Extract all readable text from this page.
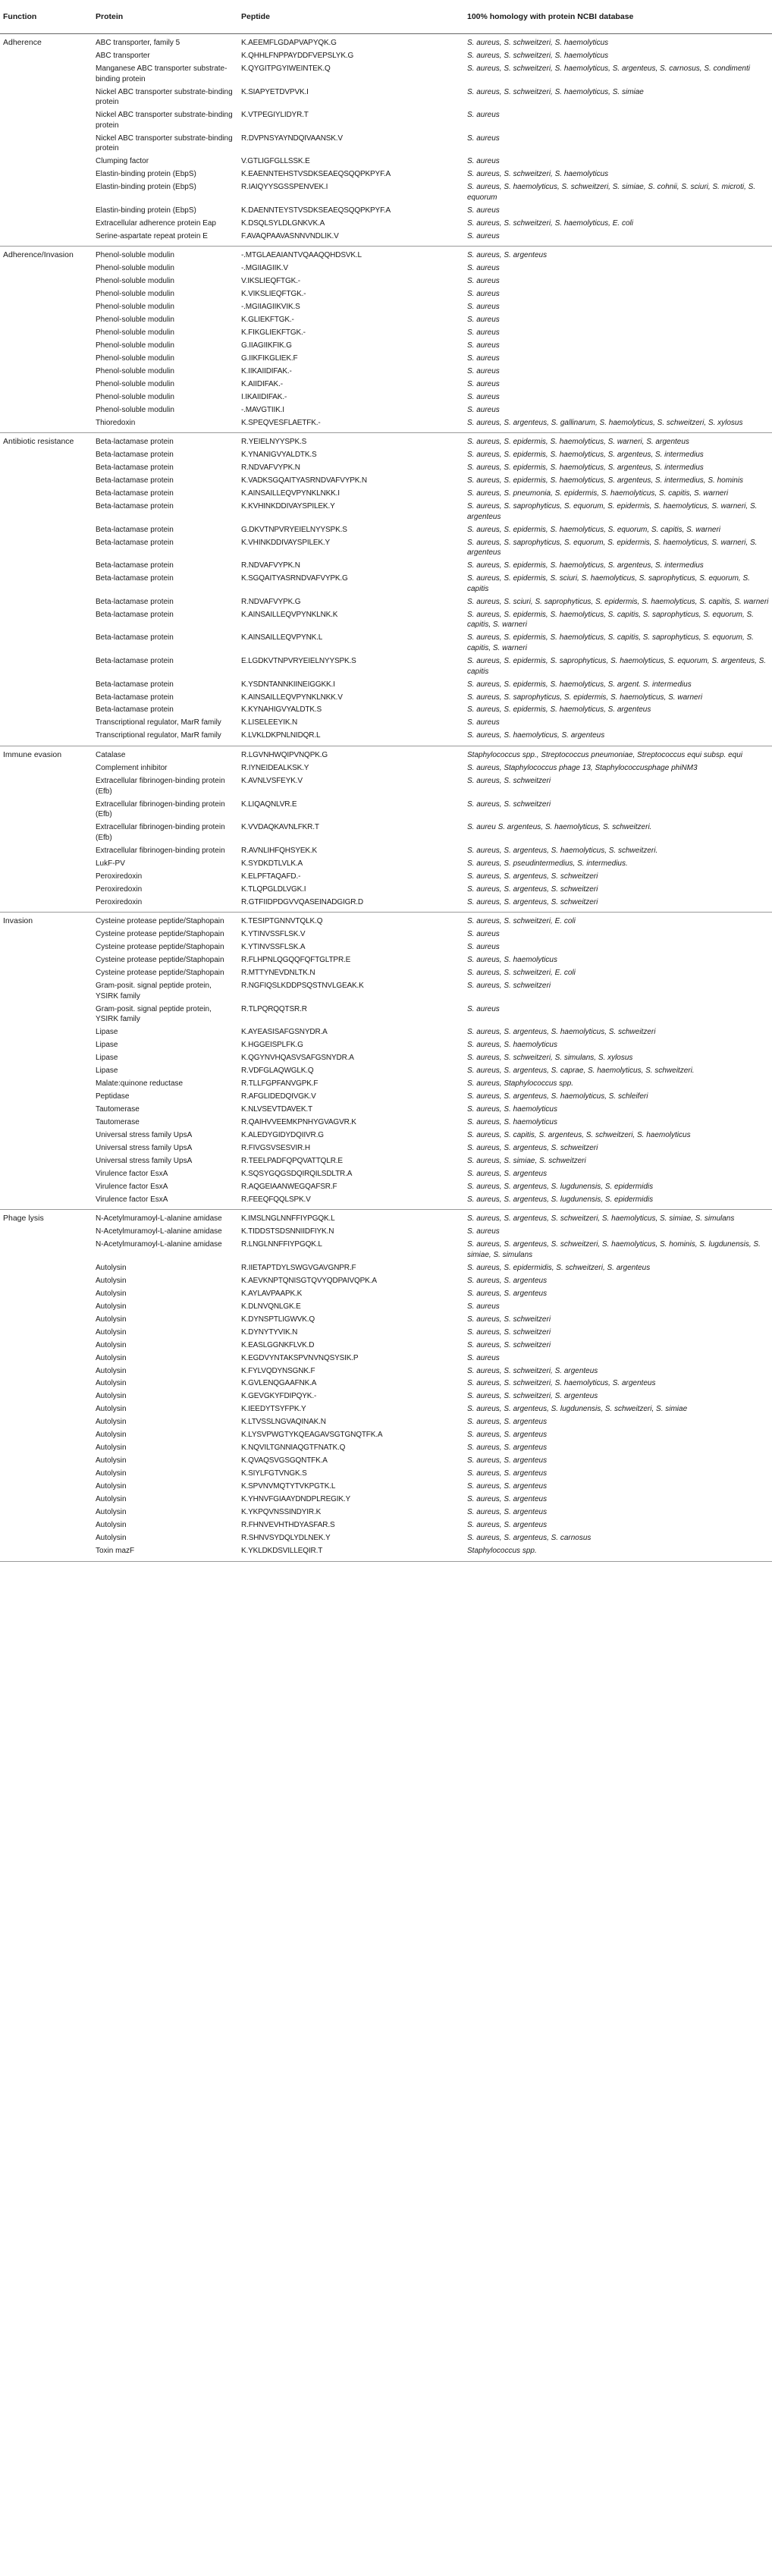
Function	Protein	Peptide	100% homology with protein NCBI database
Adherence	ABC transporter, family 5	K.AEEMFLGDAPVAPYQK.G	S. aureus, S. schweitzeri, S. haemolyticus
	ABC transporter	K.QHHLFNPPAYDDFVEPSLYK.G	S. aureus, S. schweitzeri, S. haemolyticus
	Manganese ABC transporter substrate-binding protein	K.QYGITPGYIWEINTEK.Q	S. aureus, S. schweitzeri, S. haemolyticus, S. argenteus, S. carnosus, S. condimenti
	Nickel ABC transporter substrate-binding protein	K.SIAPYETDVPVK.I	S. aureus, S. schweitzeri, S. haemolyticus, S. simiae
	Nickel ABC transporter substrate-binding protein	K.VTPEGIYLIDYR.T	S. aureus
	Nickel ABC transporter substrate-binding protein	R.DVPNSYAYNDQIVAANSK.V	S. aureus
	Clumping factor	V.GTLIGFGLLSSK.E	S. aureus
	Elastin-binding protein (EbpS)	K.EAENNTEHSTVSDKSEAEQSQQPKPYF.A	S. aureus, S. schweitzeri, S. haemolyticus
	Elastin-binding protein (EbpS)	R.IAIQYYSGSSPENVEK.I	S. aureus, S. haemolyticus, S. schweitzeri, S. simiae, S. cohnii, S. sciuri, S. microti, S. equorum
	Elastin-binding protein (EbpS)	K.DAENNTEYSTVSDKSEAEQSQQPKPYF.A	S. aureus
	Extracellular adherence protein Eap	K.DSQLSYLDLGNKVK.A	S. aureus, S. schweitzeri, S. haemolyticus, E. coli
	Serine-aspartate repeat protein E	F.AVAQPAAVASNNVNDLIK.V	S. aureus
Adherence/Invasion	Phenol-soluble modulin	-.MTGLAEAIANTVQAAQQHDSVK.L	S. aureus, S. argenteus
	Phenol-soluble modulin	-.MGIIAGIIK.V	S. aureus
	Phenol-soluble modulin	V.IKSLIEQFTGK.-	S. aureus
	Phenol-soluble modulin	K.VIKSLIEQFTGK.-	S. aureus
	Phenol-soluble modulin	-.MGIIAGIIKVIK.S	S. aureus
	Phenol-soluble modulin	K.GLIEKFTGK.-	S. aureus
	Phenol-soluble modulin	K.FIKGLIEKFTGK.-	S. aureus
	Phenol-soluble modulin	G.IIAGIIKFIK.G	S. aureus
	Phenol-soluble modulin	G.IIKFIKGLIEK.F	S. aureus
	Phenol-soluble modulin	K.IIKAIIDIFAK.-	S. aureus
	Phenol-soluble modulin	K.AIIDIFAK.-	S. aureus
	Phenol-soluble modulin	I.IKAIIDIFAK.-	S. aureus
	Phenol-soluble modulin	-.MAVGTIIK.I	S. aureus
	Thioredoxin	K.SPEQVESFLAETFK.-	S. aureus, S. argenteus, S. gallinarum, S. haemolyticus, S. schweitzeri, S. xylosus
Antibiotic resistance	Beta-lactamase protein	R.YEIELNYYSPK.S	S. aureus, S. epidermis, S. haemolyticus, S. warneri, S. argenteus
	Beta-lactamase protein	K.YNANIGVYALDTK.S	S. aureus, S. epidermis, S. haemolyticus, S. argenteus, S. intermedius
	Beta-lactamase protein	R.NDVAFVYPK.N	S. aureus, S. epidermis, S. haemolyticus, S. argenteus, S. intermedius
	Beta-lactamase protein	K.VADKSGQAITYASRNDVAFVYPK.N	S. aureus, S. epidermis, S. haemolyticus, S. argenteus, S. intermedius, S. hominis
	Beta-lactamase protein	K.AINSAILLEQVPYNKLNKK.I	S. aureus, S. pneumonia, S. epidermis, S. haemolyticus, S. capitis, S. warneri
	Beta-lactamase protein	K.KVHINKDDIVAYSPILEK.Y	S. aureus, S. saprophyticus, S. equorum, S. epidermis, S. haemolyticus, S. warneri, S. argenteus
	Beta-lactamase protein	G.DKVTNPVRYEIELNYYSPK.S	S. aureus, S. epidermis, S. haemolyticus, S. equorum, S. capitis, S. warneri
	Beta-lactamase protein	K.VHINKDDIVAYSPILEK.Y	S. aureus, S. saprophyticus, S. equorum, S. epidermis, S. haemolyticus, S. warneri, S. argenteus
	Beta-lactamase protein	R.NDVAFVYPK.N	S. aureus, S. epidermis, S. haemolyticus, S. argenteus, S. intermedius
	Beta-lactamase protein	K.SGQAITYASRNDVAFVYPK.G	S. aureus, S. epidermis, S. sciuri, S. haemolyticus, S. saprophyticus, S. equorum, S. capitis
	Beta-lactamase protein	R.NDVAFVYPK.G	S. aureus, S. sciuri, S. saprophyticus, S. epidermis, S. haemolyticus, S. capitis, S. warneri
	Beta-lactamase protein	K.AINSAILLEQVPYNKLNK.K	S. aureus, S. epidermis, S. haemolyticus, S. capitis, S. saprophyticus, S. equorum, S. capitis, S. warneri
	Beta-lactamase protein	K.AINSAILLEQVPYNK.L	S. aureus, S. epidermis, S. haemolyticus, S. capitis, S. saprophyticus, S. equorum, S. capitis, S. warneri
	Beta-lactamase protein	E.LGDKVTNPVRYEIELNYYSPK.S	S. aureus, S. epidermis, S. saprophyticus, S. haemolyticus, S. equorum, S. argenteus, S. capitis
	Beta-lactamase protein	K.YSDNTANNKIINEIGGKK.I	S. aureus, S. epidermis, S. haemolyticus, S. argent. S. intermedius
	Beta-lactamase protein	K.AINSAILLEQVPYNKLNKK.V	S. aureus, S. saprophyticus, S. epidermis, S. haemolyticus, S. warneri
	Beta-lactamase protein	K.KYNAHIGVYALDTK.S	S. aureus, S. epidermis, S. haemolyticus, S. argenteus
	Transcriptional regulator, MarR family	K.LISELEEYIK.N	S. aureus
	Transcriptional regulator, MarR family	K.LVKLDKPNLNIDQR.L	S. aureus, S. haemolyticus, S. argenteus
Immune evasion	Catalase	R.LGVNHWQIPVNQPK.G	Staphylococcus spp., Streptococcus pneumoniae, Streptococcus equi subsp. equi
	Complement inhibitor	R.IYNEIDEALKSK.Y	S. aureus, Staphylococcus phage 13, Staphylococcusphage phiNM3
	Extracellular fibrinogen-binding protein (Efb)	K.AVNLVSFEYK.V	S. aureus, S. schweitzeri
	Extracellular fibrinogen-binding protein (Efb)	K.LIQAQNLVR.E	S. aureus, S. schweitzeri
	Extracellular fibrinogen-binding protein (Efb)	K.VVDAQKAVNLFKR.T	S. aureu S. argenteus, S. haemolyticus, S. schweitzeri.
	Extracellular fibrinogen-binding protein	R.AVNLIHFQHSYEK.K	S. aureus, S. argenteus, S. haemolyticus, S. schweitzeri.
	LukF-PV	K.SYDKDTLVLK.A	S. aureus, S. pseudintermedius, S. intermedius.
	Peroxiredoxin	K.ELPFTAQAFD.-	S. aureus, S. argenteus, S. schweitzeri
	Peroxiredoxin	K.TLQPGLDLVGK.I	S. aureus, S. argenteus, S. schweitzeri
	Peroxiredoxin	R.GTFIIDPDGVVQASEINADGIGR.D	S. aureus, S. argenteus, S. schweitzeri
Invasion	Cysteine protease peptide/Staphopain	K.TESIPTGNNVTQLK.Q	S. aureus, S. schweitzeri, E. coli
	Cysteine protease peptide/Staphopain	K.YTINVSSFLSK.V	S. aureus
	Cysteine protease peptide/Staphopain	K.YTINVSSFLSK.A	S. aureus
	Cysteine protease peptide/Staphopain	R.FLHPNLQGQQFQFTGLTPR.E	S. aureus, S. haemolyticus
	Cysteine protease peptide/Staphopain	R.MTTYNEVDNLTK.N	S. aureus, S. schweitzeri, E. coli
	Gram-posit. signal peptide protein, YSIRK family	R.NGFIQSLKDDPSQSTNVLGEAK.K	S. aureus, S. schweitzeri
	Gram-posit. signal peptide protein, YSIRK family	R.TLPQRQQTSR.R	S. aureus
	Lipase	K.AYEASISAFGSNYDR.A	S. aureus, S. argenteus, S. haemolyticus, S. schweitzeri
	Lipase	K.HGGEISPLFK.G	S. aureus, S. haemolyticus
	Lipase	K.QGYNVHQASVSAFGSNYDR.A	S. aureus, S. schweitzeri, S. simulans, S. xylosus
	Lipase	R.VDFGLAQWGLK.Q	S. aureus, S. argenteus, S. caprae, S. haemolyticus, S. schweitzeri.
	Malate:quinone reductase	R.TLLFGPFANVGPK.F	S. aureus, Staphylococcus spp.
	Peptidase	R.AFGLIDEDQIVGK.V	S. aureus, S. argenteus, S. haemolyticus, S. schleiferi
	Tautomerase	K.NLVSEVTDAVEK.T	S. aureus, S. haemolyticus
	Tautomerase	R.QAIHVVEEMKPNHYGVAGVR.K	S. aureus, S. haemolyticus
	Universal stress family UpsA	K.ALEDYGIDYDQIIVR.G	S. aureus, S. capitis, S. argenteus, S. schweitzeri, S. haemolyticus
	Universal stress family UpsA	R.FIVGSVSESVIR.H	S. aureus, S. argenteus, S. schweitzeri
	Universal stress family UpsA	R.TEELPADFQPQVATTQLR.E	S. aureus, S. simiae, S. schweitzeri
	Virulence factor EsxA	K.SQSYGQGSDQIRQILSDLTR.A	S. aureus, S. argenteus
	Virulence factor EsxA	R.AQGEIAANWEGQAFSR.F	S. aureus, S. argenteus, S. lugdunensis, S. epidermidis
	Virulence factor EsxA	R.FEEQFQQLSPK.V	S. aureus, S. argenteus, S. lugdunensis, S. epidermidis
Phage lysis	N-Acetylmuramoyl-L-alanine amidase	K.IMSLNGLNNFFIYPGQK.L	S. aureus, S. argenteus, S. schweitzeri, S. haemolyticus, S. simiae, S. simulans
	N-Acetylmuramoyl-L-alanine amidase	K.TIDDSTSDSNNIIDFIYK.N	S. aureus
	N-Acetylmuramoyl-L-alanine amidase	R.LNGLNNFFIYPGQK.L	S. aureus, S. argenteus, S. schweitzeri, S. haemolyticus, S. hominis, S. lugdunensis, S. simiae, S. simulans
	Autolysin	R.IIETAPTDYLSWGVGAVGNPR.F	S. aureus, S. epidermidis, S. schweitzeri, S. argenteus
	Autolysin	K.AEVKNPTQNISGTQVYQDPAIVQPK.A	S. aureus, S. argenteus
	Autolysin	K.AYLAVPAAPK.K	S. aureus, S. argenteus
	Autolysin	K.DLNVQNLGK.E	S. aureus
	Autolysin	K.DYNSPTLIGWVK.Q	S. aureus, S. schweitzeri
	Autolysin	K.DYNYTYVIK.N	S. aureus, S. schweitzeri
	Autolysin	K.EASLGGNKFLVK.D	S. aureus, S. schweitzeri
	Autolysin	K.EGDVYNTAKSPVNVNQSYSIK.P	S. aureus
	Autolysin	K.FYLVQDYNSGNK.F	S. aureus, S. schweitzeri, S. argenteus
	Autolysin	K.GVLENQGAAFNK.A	S. aureus, S. schweitzeri, S. haemolyticus, S. argenteus
	Autolysin	K.GEVGKYFDIPQYK.-	S. aureus, S. schweitzeri, S. argenteus
	Autolysin	K.IEEDYTSYFPK.Y	S. aureus, S. argenteus, S. lugdunensis, S. schweitzeri, S. simiae
	Autolysin	K.LTVSSLNGVAQINAK.N	S. aureus, S. argenteus
	Autolysin	K.LYSVPWGTYKQEAGAVSGTGNQTFK.A	S. aureus, S. argenteus
	Autolysin	K.NQVILTGNNIAQGTFNATK.Q	S. aureus, S. argenteus
	Autolysin	K.QVAQSVGSGQNTFK.A	S. aureus, S. argenteus
	Autolysin	K.SIYLFGTVNGK.S	S. aureus, S. argenteus
	Autolysin	K.SPVNVMQTYTVKPGTK.L	S. aureus, S. argenteus
	Autolysin	K.YHNVFGIAAYDNDPLREGIK.Y	S. aureus, S. argenteus
	Autolysin	K.YKPQVNSSINDYIR.K	S. aureus, S. argenteus
	Autolysin	R.FHNVEVHTHDYASFAR.S	S. aureus, S. argenteus
	Autolysin	R.SHNVSYDQLYDLNEK.Y	S. aureus, S. argenteus, S. carnosus
	Toxin mazF	K.YKLDKDSVILLEQIR.T	Staphylococcus spp.
